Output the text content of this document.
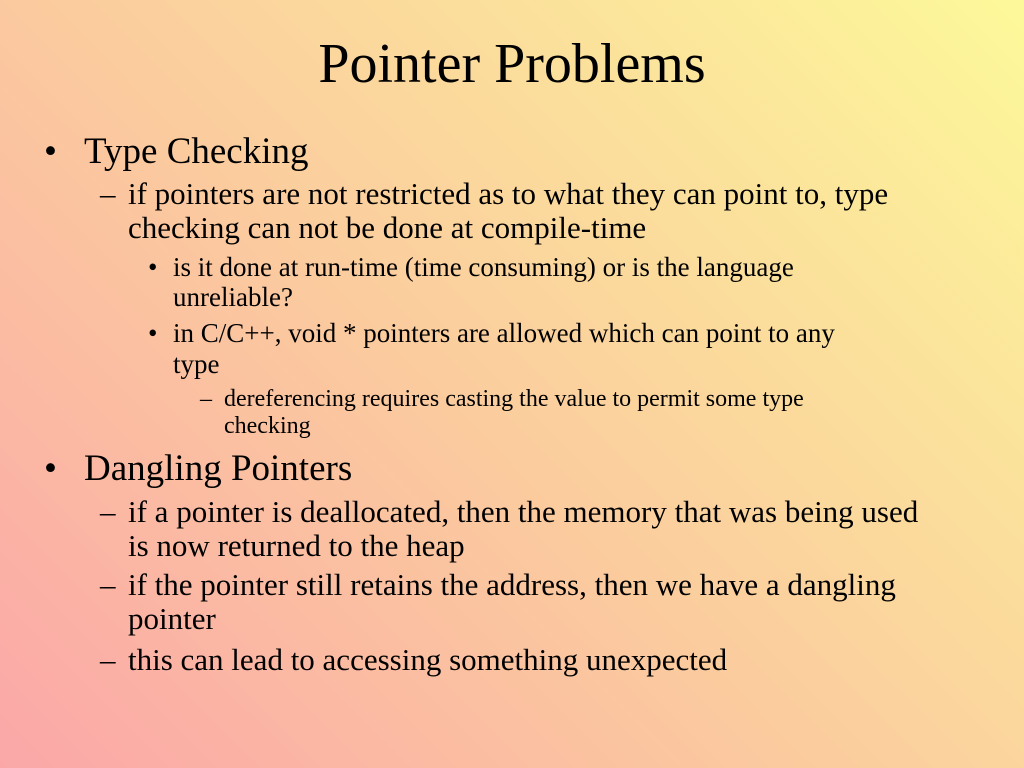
Pointer Problems
• Type Checking
– if pointers are not restricted as to what they can point to, type
checking can not be done at compile-time
• is it done at run-time (time consuming) or is the language
unreliable?
• in C/C++, void * pointers are allowed which can point to any
type
– dereferencing requires casting the value to permit some type
checking
• Dangling Pointers
– if a pointer is deallocated, then the memory that was being used
is now returned to the heap
– if the pointer still retains the address, then we have a dangling
pointer
– this can lead to accessing something unexpected
